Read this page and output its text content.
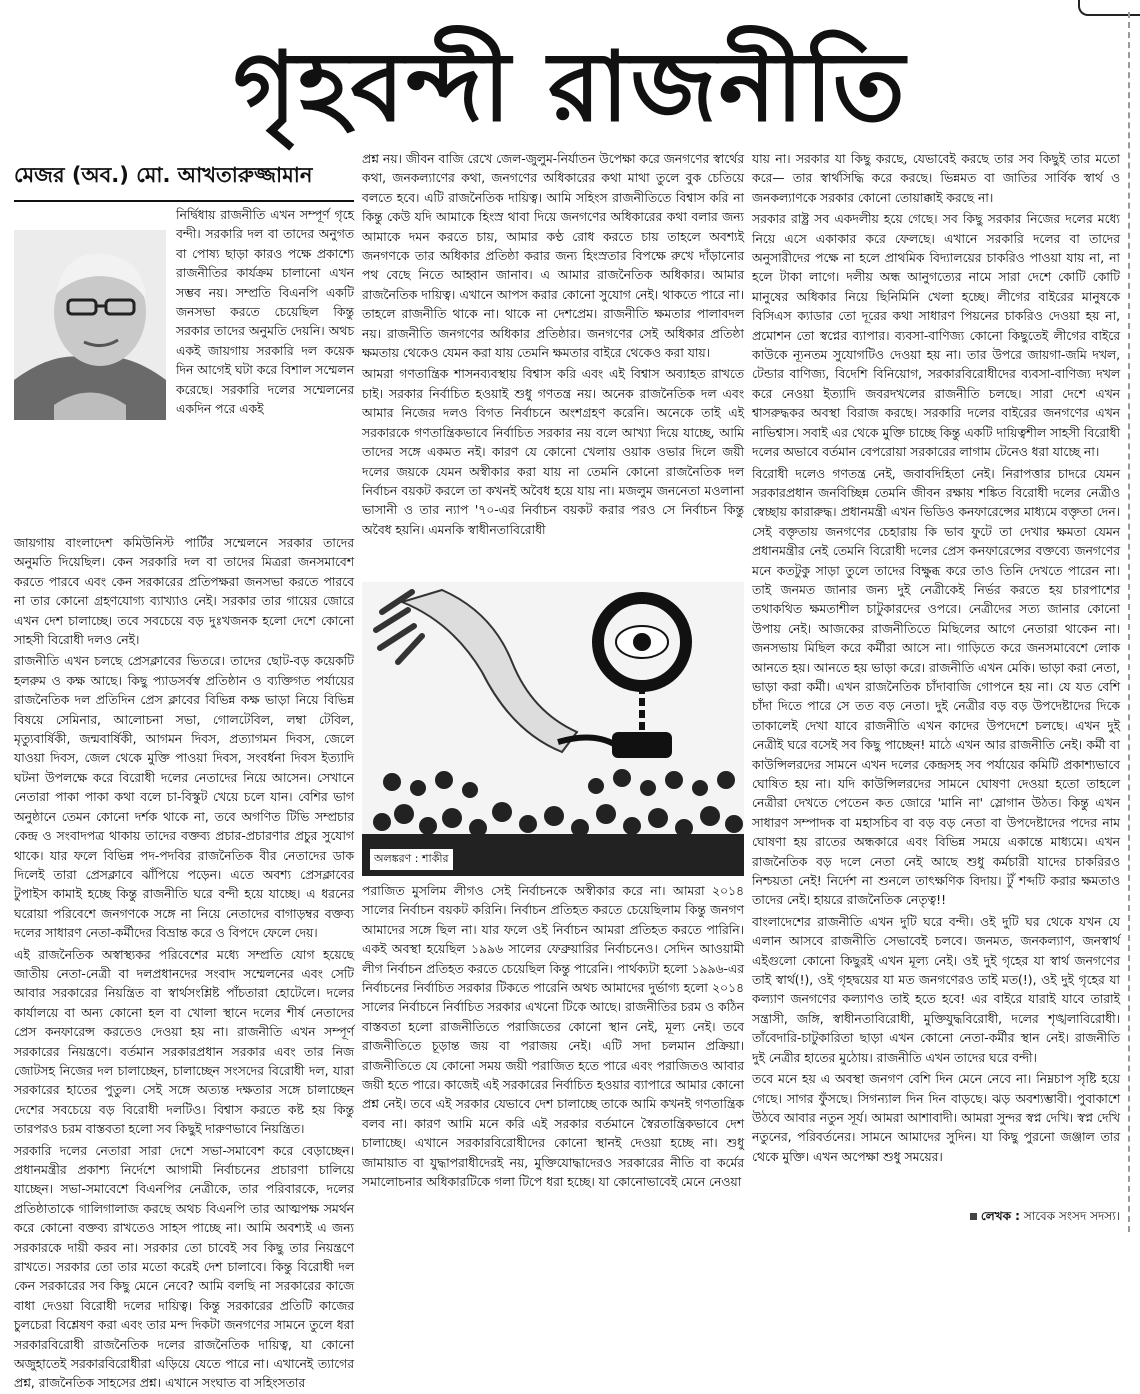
গৃহবন্দী রাজনীতি
মেজর (অব.) মো. আখতারুজ্জামান

নির্দ্বিধায় রাজনীতি এখন সম্পূর্ণ গৃহে বন্দী। সরকারি দল বা তাদের অনুগত বা পোষ্য ছাড়া কারও পক্ষে প্রকাশ্যে রাজনীতির কার্যক্রম চালানো এখন সম্ভব নয়। সম্প্রতি বিএনপি একটি জনসভা করতে চেয়েছিল কিন্তু সরকার তাদের অনুমতি দেয়নি। অথচ একই জায়গায় সরকারি দল কয়েক দিন আগেই ঘটা করে বিশাল সম্মেলন করেছে। সরকারি দলের সম্মেলনের একদিন পরে একই

জায়গায় বাংলাদেশ কমিউনিস্ট পার্টির সম্মেলনে সরকার তাদের অনুমতি দিয়েছিল। কেন সরকারি দল বা তাদের মিত্ররা জনসমাবেশ করতে পারবে এবং কেন সরকারের প্রতিপক্ষরা জনসভা করতে পারবে না তার কোনো গ্রহণযোগ্য ব্যাখ্যাও নেই। সরকার তার গায়ের জোরে এখন দেশ চালাচ্ছে। তবে সবচেয়ে বড় দুঃখজনক হলো দেশে কোনো সাহসী বিরোধী দলও নেই।

রাজনীতি এখন চলছে প্রেসক্লাবের ভিতরে। তাদের ছোট-বড় কয়েকটি হলরুম ও কক্ষ আছে। কিছু প্যাডসর্বস্ব প্রতিষ্ঠান ও ব্যক্তিগত পর্যায়ের রাজনৈতিক দল প্রতিদিন প্রেস ক্লাবের বিভিন্ন কক্ষ ভাড়া নিয়ে বিভিন্ন বিষয়ে সেমিনার, আলোচনা সভা, গোলটেবিল, লম্বা টেবিল, মৃত্যুবার্ষিকী, জন্মবার্ষিকী, আগমন দিবস, প্রত্যাগমন দিবস, জেলে যাওয়া দিবস, জেল থেকে মুক্তি পাওয়া দিবস, সংবর্ধনা দিবস ইত্যাদি ঘটনা উপলক্ষে করে বিরোধী দলের নেতাদের নিয়ে আসেন। সেখানে নেতারা পাকা পাকা কথা বলে চা-বিস্কুট খেয়ে চলে যান। বেশির ভাগ অনুষ্ঠানে তেমন কোনো দর্শক থাকে না, তবে অগণিত টিভি সম্প্রচার কেন্দ্র ও সংবাদপত্র থাকায় তাদের বক্তব্য প্রচার-প্রচারণার প্রচুর সুযোগ থাকে। যার ফলে বিভিন্ন পদ-পদবির রাজনৈতিক বীর নেতাদের ডাক দিলেই তারা প্রেসক্লাবে ঝাঁপিয়ে পড়েন। এতে অবশ্য প্রেসক্লাবের টুপাইস কামাই হচ্ছে কিন্তু রাজনীতি ঘরে বন্দী হয়ে যাচ্ছে। এ ধরনের ঘরোয়া পরিবেশে জনগণকে সঙ্গে না নিয়ে নেতাদের বাগাড়ম্বর বক্তব্য দলের সাধারণ নেতা-কর্মীদের বিভ্রান্ত করে ও বিপদে ফেলে দেয়।

এই রাজনৈতিক অস্বাস্থ্যকর পরিবেশের মধ্যে সম্প্রতি যোগ হয়েছে জাতীয় নেতা-নেত্রী বা দলপ্রধানদের সংবাদ সম্মেলনের এবং সেটি আবার সরকারের নিয়ন্ত্রিত বা স্বার্থসংশ্লিষ্ট পাঁচতারা হোটেলে। দলের কার্যালয়ে বা অন্য কোনো হল বা খোলা স্থানে দলের শীর্ষ নেতাদের প্রেস কনফারেন্স করতেও দেওয়া হয় না। রাজনীতি এখন সম্পূর্ণ সরকারের নিয়ন্ত্রণে। বর্তমান সরকারপ্রধান সরকার এবং তার নিজ জোটসহ নিজের দল চালাচ্ছেন, চালাচ্ছেন সংসদের বিরোধী দল, যারা সরকারের হাতের পুতুল। সেই সঙ্গে অত্যন্ত দক্ষতার সঙ্গে চালাচ্ছেন দেশের সবচেয়ে বড় বিরোধী দলটিও। বিশ্বাস করতে কষ্ট হয় কিন্তু তারপরও চরম বাস্তবতা হলো সব কিছুই দারুণভাবে নিয়ন্ত্রিত।

সরকারি দলের নেতারা সারা দেশে সভা-সমাবেশ করে বেড়াচ্ছেন। প্রধানমন্ত্রীর প্রকাশ্য নির্দেশে আগামী নির্বাচনের প্রচারণা চালিয়ে যাচ্ছেন। সভা-সমাবেশে বিএনপির নেত্রীকে, তার পরিবারকে, দলের প্রতিষ্ঠাতাকে গালিগালাজ করছে অথচ বিএনপি তার আত্মপক্ষ সমর্থন করে কোনো বক্তব্য রাখতেও সাহস পাচ্ছে না। আমি অবশ্যই এ জন্য সরকারকে দায়ী করব না। সরকার তো চাবেই সব কিছু তার নিয়ন্ত্রণে রাখতে। সরকার তো তার মতো করেই দেশ চালাবে। কিন্তু বিরোধী দল কেন সরকারের সব কিছু মেনে নেবে? আমি বলছি না সরকারের কাজে বাধা দেওয়া বিরোধী দলের দায়িত্ব। কিন্তু সরকারের প্রতিটি কাজের চুলচেরা বিশ্লেষণ করা এবং তার মন্দ দিকটা জনগণের সামনে তুলে ধরা সরকারবিরোধী রাজনৈতিক দলের রাজনৈতিক দায়িত্ব, যা কোনো অজুহাতেই সরকারবিরোধীরা এড়িয়ে যেতে পারে না। এখানেই ত্যাগের প্রশ্ন, রাজনৈতিক সাহসের প্রশ্ন। এখানে সংঘাত বা সহিংসতার

প্রশ্ন নয়। জীবন বাজি রেখে জেল-জুলুম-নির্যাতন উপেক্ষা করে জনগণের স্বার্থের কথা, জনকল্যাণের কথা, জনগণের অধিকারের কথা মাথা তুলে বুক চেতিয়ে বলতে হবে। এটি রাজনৈতিক দায়িত্ব। আমি সহিংস রাজনীতিতে বিশ্বাস করি না কিন্তু কেউ যদি আমাকে হিংস্র থাবা দিয়ে জনগণের অধিকারের কথা বলার জন্য আমাকে দমন করতে চায়, আমার কণ্ঠ রোধ করতে চায় তাহলে অবশ্যই জনগণকে তার অধিকার প্রতিষ্ঠা করার জন্য হিংস্রতার বিপক্ষে রুখে দাঁড়ানোর পথ বেছে নিতে আহ্বান জানাব। এ আমার রাজনৈতিক অধিকার। আমার রাজনৈতিক দায়িত্ব। এখানে আপস করার কোনো সুযোগ নেই। থাকতে পারে না। তাহলে রাজনীতি থাকে না। থাকে না দেশপ্রেম। রাজনীতি ক্ষমতার পালাবদল নয়। রাজনীতি জনগণের অধিকার প্রতিষ্ঠার। জনগণের সেই অধিকার প্রতিষ্ঠা ক্ষমতায় থেকেও যেমন করা যায় তেমনি ক্ষমতার বাইরে থেকেও করা যায়।

আমরা গণতান্ত্রিক শাসনব্যবস্থায় বিশ্বাস করি এবং এই বিশ্বাস অব্যাহত রাখতে চাই। সরকার নির্বাচিত হওয়াই শুধু গণতন্ত্র নয়। অনেক রাজনৈতিক দল এবং আমার নিজের দলও বিগত নির্বাচনে অংশগ্রহণ করেনি। অনেকে তাই এই সরকারকে গণতান্ত্রিকভাবে নির্বাচিত সরকার নয় বলে আখ্যা দিয়ে যাচ্ছে, আমি তাদের সঙ্গে একমত নই। কারণ যে কোনো খেলায় ওয়াক ওভার দিলে জয়ী দলের জয়কে যেমন অস্বীকার করা যায় না তেমনি কোনো রাজনৈতিক দল নির্বাচন বয়কট করলে তা কখনই অবৈধ হয়ে যায় না। মজলুম জননেতা মওলানা ভাসানী ও তার ন্যাপ '৭০-এর নির্বাচন বয়কট করার পরও সে নির্বাচন কিন্তু অবৈধ হয়নি। এমনকি স্বাধীনতাবিরোধী

অলঙ্করণ : শাকীর

পরাজিত মুসলিম লীগও সেই নির্বাচনকে অস্বীকার করে না। আমরা ২০১৪ সালের নির্বাচন বয়কট করিনি। নির্বাচন প্রতিহত করতে চেয়েছিলাম কিন্তু জনগণ আমাদের সঙ্গে ছিল না। যার ফলে ওই নির্বাচন আমরা প্রতিহত করতে পারিনি। একই অবস্থা হয়েছিল ১৯৯৬ সালের ফেব্রুয়ারির নির্বাচনেও। সেদিন আওয়ামী লীগ নির্বাচন প্রতিহত করতে চেয়েছিল কিন্তু পারেনি। পার্থক্যটা হলো ১৯৯৬-এর নির্বাচনের নির্বাচিত সরকার টিকতে পারেনি অথচ আমাদের দুর্ভাগ্য হলো ২০১৪ সালের নির্বাচনে নির্বাচিত সরকার এখনো টিকে আছে। রাজনীতির চরম ও কঠিন বাস্তবতা হলো রাজনীতিতে পরাজিতের কোনো স্থান নেই, মূল্য নেই। তবে রাজনীতিতে চূড়ান্ত জয় বা পরাজয় নেই। এটি সদা চলমান প্রক্রিয়া। রাজনীতিতে যে কোনো সময় জয়ী পরাজিত হতে পারে এবং পরাজিতও আবার জয়ী হতে পারে। কাজেই এই সরকারের নির্বাচিত হওয়ার ব্যাপারে আমার কোনো প্রশ্ন নেই। তবে এই সরকার যেভাবে দেশ চালাচ্ছে তাকে আমি কখনই গণতান্ত্রিক বলব না। কারণ আমি মনে করি এই সরকার বর্তমানে স্বৈরতান্ত্রিকভাবে দেশ চালাচ্ছে। এখানে সরকারবিরোধীদের কোনো স্থানই দেওয়া হচ্ছে না। শুধু জামায়াত বা যুদ্ধাপরাধীদেরই নয়, মুক্তিযোদ্ধাদেরও সরকারের নীতি বা কর্মের সমালোচনার অধিকারটিকে গলা টিপে ধরা হচ্ছে। যা কোনোভাবেই মেনে নেওয়া

যায় না। সরকার যা কিছু করছে, যেভাবেই করছে তার সব কিছুই তার মতো করে— তার স্বার্থসিদ্ধি করে করছে। ভিন্নমত বা জাতির সার্বিক স্বার্থ ও জনকল্যাণকে সরকার কোনো তোয়াক্কাই করছে না।

সরকার রাষ্ট্র সব একদলীয় হয়ে গেছে। সব কিছু সরকার নিজের দলের মধ্যে নিয়ে এসে একাকার করে ফেলছে। এখানে সরকারি দলের বা তাদের অনুসারীদের পক্ষে না হলে প্রাথমিক বিদ্যালয়ের চাকরিও পাওয়া যায় না, না হলে টাকা লাগে। দলীয় অন্ধ আনুগত্যের নামে সারা দেশে কোটি কোটি মানুষের অধিকার নিয়ে ছিনিমিনি খেলা হচ্ছে। লীগের বাইরের মানুষকে বিসিএস ক্যাডার তো দূরের কথা সাধারণ পিয়নের চাকরিও দেওয়া হয় না, প্রমোশন তো স্বপ্নের ব্যাপার। ব্যবসা-বাণিজ্য কোনো কিছুতেই লীগের বাইরে কাউকে ন্যূনতম সুযোগটিও দেওয়া হয় না। তার উপরে জায়গা-জমি দখল, টেন্ডার বাণিজ্য, বিদেশি বিনিয়োগ, সরকারবিরোধীদের ব্যবসা-বাণিজ্য দখল করে নেওয়া ইত্যাদি জবরদখলের রাজনীতি চলছে। সারা দেশে এখন শ্বাসরুদ্ধকর অবস্থা বিরাজ করছে। সরকারি দলের বাইরের জনগণের এখন নাভিশ্বাস। সবাই এর থেকে মুক্তি চাচ্ছে কিন্তু একটি দায়িত্বশীল সাহসী বিরোধী দলের অভাবে বর্তমান বেপরোয়া সরকারের লাগাম টেনেও ধরা যাচ্ছে না।

বিরোধী দলেও গণতন্ত্র নেই, জবাবদিহিতা নেই। নিরাপত্তার চাদরে যেমন সরকারপ্রধান জনবিচ্ছিন্ন তেমনি জীবন রক্ষায় শঙ্কিত বিরোধী দলের নেত্রীও স্বেচ্ছায় কারারুদ্ধ। প্রধানমন্ত্রী এখন ভিডিও কনফারেন্সের মাধ্যমে বক্তৃতা দেন। সেই বক্তৃতায় জনগণের চেহারায় কি ভাব ফুটে তা দেখার ক্ষমতা যেমন প্রধানমন্ত্রীর নেই তেমনি বিরোধী দলের প্রেস কনফারেন্সের বক্তব্যে জনগণের মনে কতটুকু সাড়া তুলে তাদের বিক্ষুব্ধ করে তাও তিনি দেখতে পারেন না। তাই জনমত জানার জন্য দুই নেত্রীকেই নির্ভর করতে হয় চারপাশের তথাকথিত ক্ষমতাশীল চাটুকারদের ওপরে। নেত্রীদের সত্য জানার কোনো উপায় নেই। আজকের রাজনীতিতে মিছিলের আগে নেতারা থাকেন না। জনসভায় মিছিল করে কর্মীরা আসে না। গাড়িতে করে জনসমাবেশে লোক আনতে হয়। আনতে হয় ভাড়া করে। রাজনীতি এখন মেকি। ভাড়া করা নেতা, ভাড়া করা কর্মী। এখন রাজনৈতিক চাঁদাবাজি গোপনে হয় না। যে যত বেশি চাঁদা দিতে পারে সে তত বড় নেতা। দুই নেত্রীর বড় বড় উপদেষ্টাদের দিকে তাকালেই দেখা যাবে রাজনীতি এখন কাদের উপদেশে চলছে। এখন দুই নেত্রীই ঘরে বসেই সব কিছু পাচ্ছেন! মাঠে এখন আর রাজনীতি নেই। কর্মী বা কাউন্সিলরদের সামনে এখন দলের কেন্দ্রসহ সব পর্যায়ের কমিটি প্রকাশ্যভাবে ঘোষিত হয় না। যদি কাউন্সিলরদের সামনে ঘোষণা দেওয়া হতো তাহলে নেত্রীরা দেখতে পেতেন কত জোরে 'মানি না' স্লোগান উঠত। কিন্তু এখন সাধারণ সম্পাদক বা মহাসচিব বা বড় বড় নেতা বা উপদেষ্টাদের পদের নাম ঘোষণা হয় রাতের অন্ধকারে এবং বিভিন্ন সময়ে একান্তে মাধ্যমে। এখন রাজনৈতিক বড় দলে নেতা নেই আছে শুধু কর্মচারী যাদের চাকরিরও নিশ্চয়তা নেই! নির্দেশ না শুনলে তাৎক্ষণিক বিদায়। টুঁ শব্দটি করার ক্ষমতাও তাদের নেই। হায়রে রাজনৈতিক নেতৃত্ব!!

বাংলাদেশের রাজনীতি এখন দুটি ঘরে বন্দী। ওই দুটি ঘর থেকে যখন যে এলান আসবে রাজনীতি সেভাবেই চলবে। জনমত, জনকল্যাণ, জনস্বার্থ এইগুলো কোনো কিছুরই এখন মূল্য নেই। ওই দুই গৃহের যা স্বার্থ জনগণের তাই স্বার্থ(!), ওই গৃহদ্বয়ের যা মত জনগণেরও তাই মত(!), ওই দুই গৃহের যা কল্যাণ জনগণের কল্যাণও তাই হতে হবে! এর বাইরে যারাই যাবে তারাই সন্ত্রাসী, জঙ্গি, স্বাধীনতাবিরোধী, মুক্তিযুদ্ধবিরোধী, দলের শৃঙ্খলাবিরোধী। তাঁবেদারি-চাটুকারিতা ছাড়া এখন কোনো নেতা-কর্মীর স্থান নেই। রাজনীতি দুই নেত্রীর হাতের মুঠোয়। রাজনীতি এখন তাদের ঘরে বন্দী।

তবে মনে হয় এ অবস্থা জনগণ বেশি দিন মেনে নেবে না। নিম্নচাপ সৃষ্টি হয়ে গেছে। সাগর ফুঁসছে। সিগন্যাল দিন দিন বাড়ছে। ঝড় অবশ্যম্ভাবী। পুবাকাশে উঠবে আবার নতুন সূর্য। আমরা আশাবাদী। আমরা সুন্দর স্বপ্ন দেখি। স্বপ্ন দেখি নতুনের, পরিবর্তনের। সামনে আমাদের সুদিন। যা কিছু পুরনো জঞ্জাল তার থেকে মুক্তি। এখন অপেক্ষা শুধু সময়ের।

লেখক : সাবেক সংসদ সদস্য।
